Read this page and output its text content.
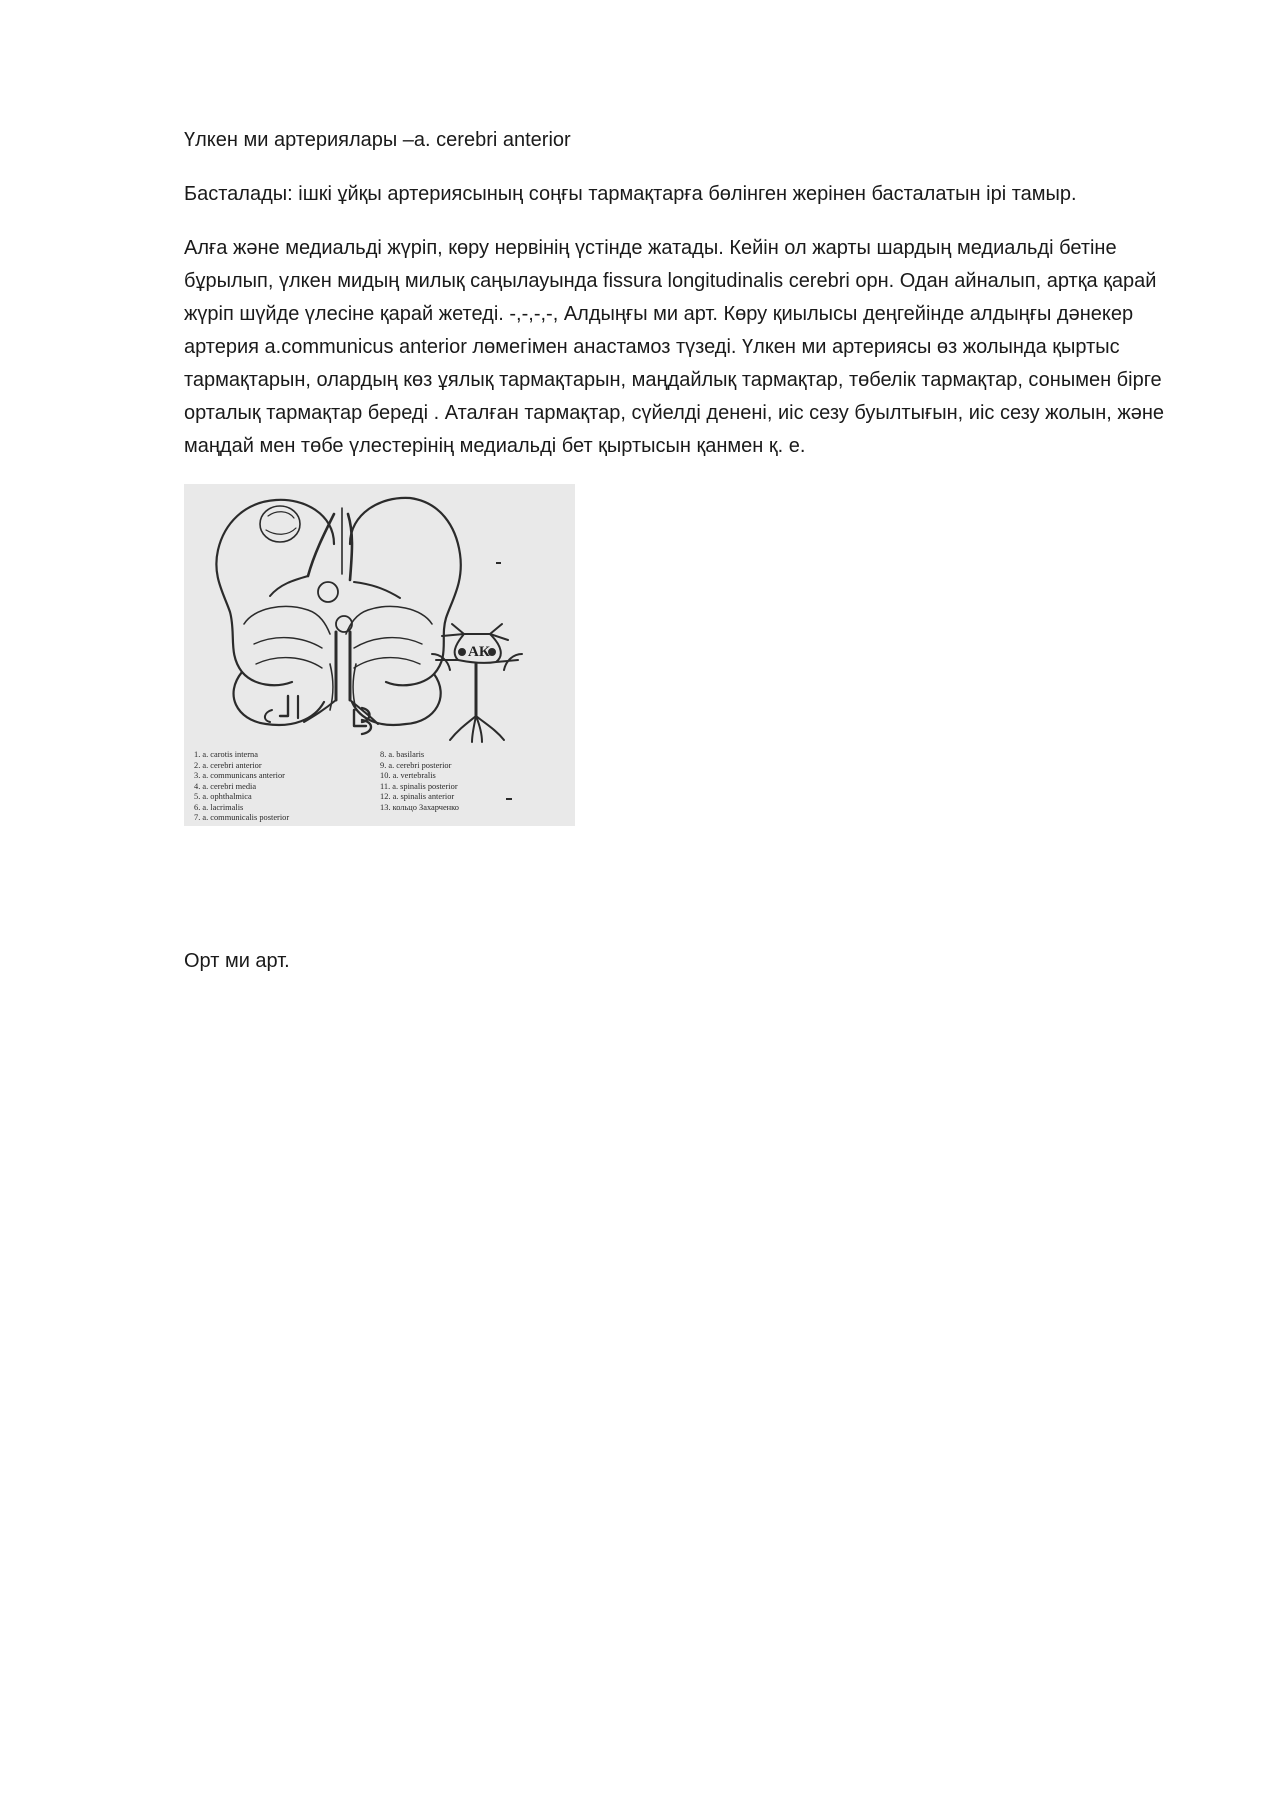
Үлкен ми артериялары –a. cerebri anterior

Басталады: ішкі ұйқы артериясының соңғы тармақтарға бөлінген жерінен басталатын ірі тамыр.

Алға және медиальді жүріп, көру нервінің үстінде жатады. Кейін ол жарты шардың медиальді бетіне бұрылып, үлкен мидың милық саңылауында fissura longitudinalis cerebri орн. Одан айналып, артқа қарай жүріп шүйде үлесіне қарай жетеді. -,-,-,-, Алдыңғы ми арт. Көру қиылысы деңгейінде алдыңғы дәнекер артерия a.communicus anterior лөмегімен анастамоз түзеді. Үлкен ми артериясы өз жолында қыртыс тармақтарын, олардың көз ұялық тармақтарын, маңдайлық тармақтар, төбелік тармақтар, сонымен бірге орталық тармақтар береді . Аталған тармақтар, сүйелді денені, иіс сезу буылтығын, иіс сезу жолын, және маңдай мен төбе үлестерінің медиальді бет қыртысын қанмен қ. е.

АК
1. a. carotis interna
2. a. cerebri anterior
3. a. communicans anterior
4. a. cerebri media
5. a. ophthalmica
6. a. lacrimalis
7. a. communicalis posterior
8. a. basilaris
9. a. cerebri posterior
10. a. vertebralis
11. a. spinalis posterior
12. a. spinalis anterior
13. кольцо Захарченко

Орт ми арт.
